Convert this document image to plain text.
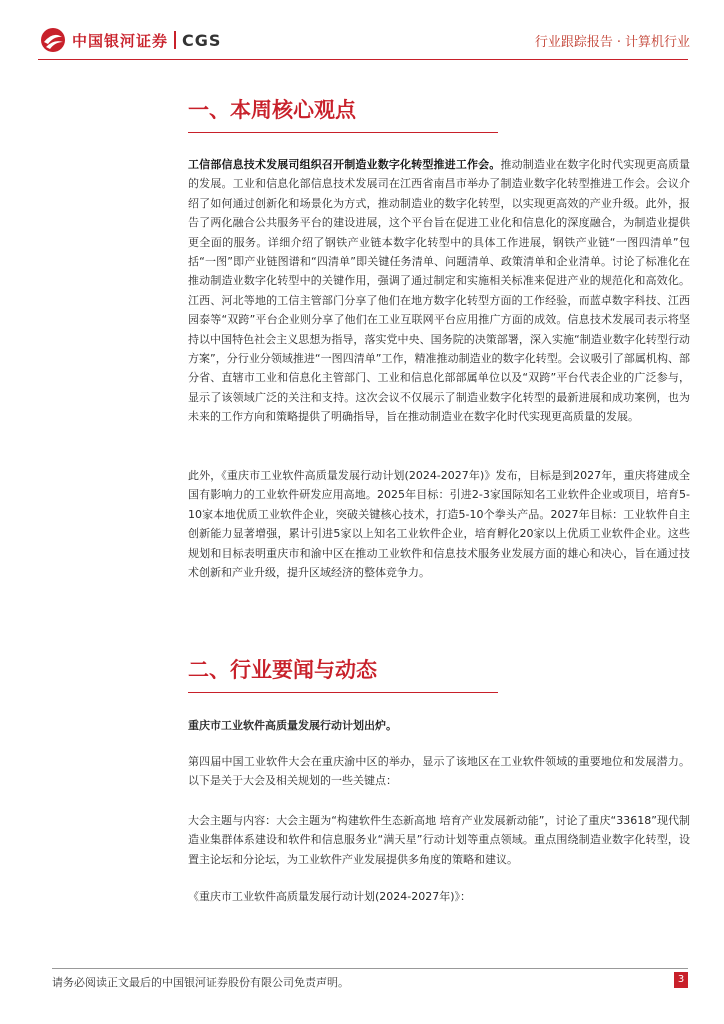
中国银河证券 CGS	行业跟踪报告 · 计算机行业
一、本周核心观点

工信部信息技术发展司组织召开制造业数字化转型推进工作会。推动制造业在数字化时代实现更高质量的发展。工业和信息化部信息技术发展司在江西省南昌市举办了制造业数字化转型推进工作会。会议介绍了如何通过创新化和场景化为方式，推动制造业的数字化转型，以实现更高效的产业升级。此外，报告了两化融合公共服务平台的建设进展，这个平台旨在促进工业化和信息化的深度融合，为制造业提供更全面的服务。详细介绍了钢铁产业链本数字化转型中的具体工作进展，钢铁产业链“一图四清单”包括“一图”即产业链图谱和“四清单”即关键任务清单、问题清单、政策清单和企业清单。讨论了标准化在推动制造业数字化转型中的关键作用，强调了通过制定和实施相关标准来促进产业的规范化和高效化。江西、河北等地的工信主管部门分享了他们在地方数字化转型方面的工作经验，而蓝卓数字科技、江西园泰等“双跨”平台企业则分享了他们在工业互联网平台应用推广方面的成效。信息技术发展司表示将坚持以中国特色社会主义思想为指导，落实党中央、国务院的决策部署，深入实施“制造业数字化转型行动方案”，分行业分领域推进“一图四清单”工作，精准推动制造业的数字化转型。会议吸引了部属机构、部分省、直辖市工业和信息化主管部门、工业和信息化部部属单位以及“双跨”平台代表企业的广泛参与，显示了该领域广泛的关注和支持。这次会议不仅展示了制造业数字化转型的最新进展和成功案例，也为未来的工作方向和策略提供了明确指导，旨在推动制造业在数字化时代实现更高质量的发展。

此外，《重庆市工业软件高质量发展行动计划(2024-2027年)》发布，目标是到2027年，重庆将建成全国有影响力的工业软件研发应用高地。2025年目标：引进2-3家国际知名工业软件企业或项目，培育5-10家本地优质工业软件企业，突破关键核心技术，打造5-10个拳头产品。2027年目标：工业软件自主创新能力显著增强，累计引进5家以上知名工业软件企业，培育孵化20家以上优质工业软件企业。这些规划和目标表明重庆市和渝中区在推动工业软件和信息技术服务业发展方面的雄心和决心，旨在通过技术创新和产业升级，提升区域经济的整体竞争力。

二、行业要闻与动态

重庆市工业软件高质量发展行动计划出炉。

第四届中国工业软件大会在重庆渝中区的举办，显示了该地区在工业软件领域的重要地位和发展潜力。以下是关于大会及相关规划的一些关键点：

大会主题与内容：大会主题为“构建软件生态新高地 培育产业发展新动能”，讨论了重庆“33618”现代制造业集群体系建设和软件和信息服务业“满天星”行动计划等重点领域。重点围绕制造业数字化转型，设置主论坛和分论坛，为工业软件产业发展提供多角度的策略和建议。

《重庆市工业软件高质量发展行动计划(2024-2027年)》：

请务必阅读正文最后的中国银河证券股份有限公司免责声明。	3
